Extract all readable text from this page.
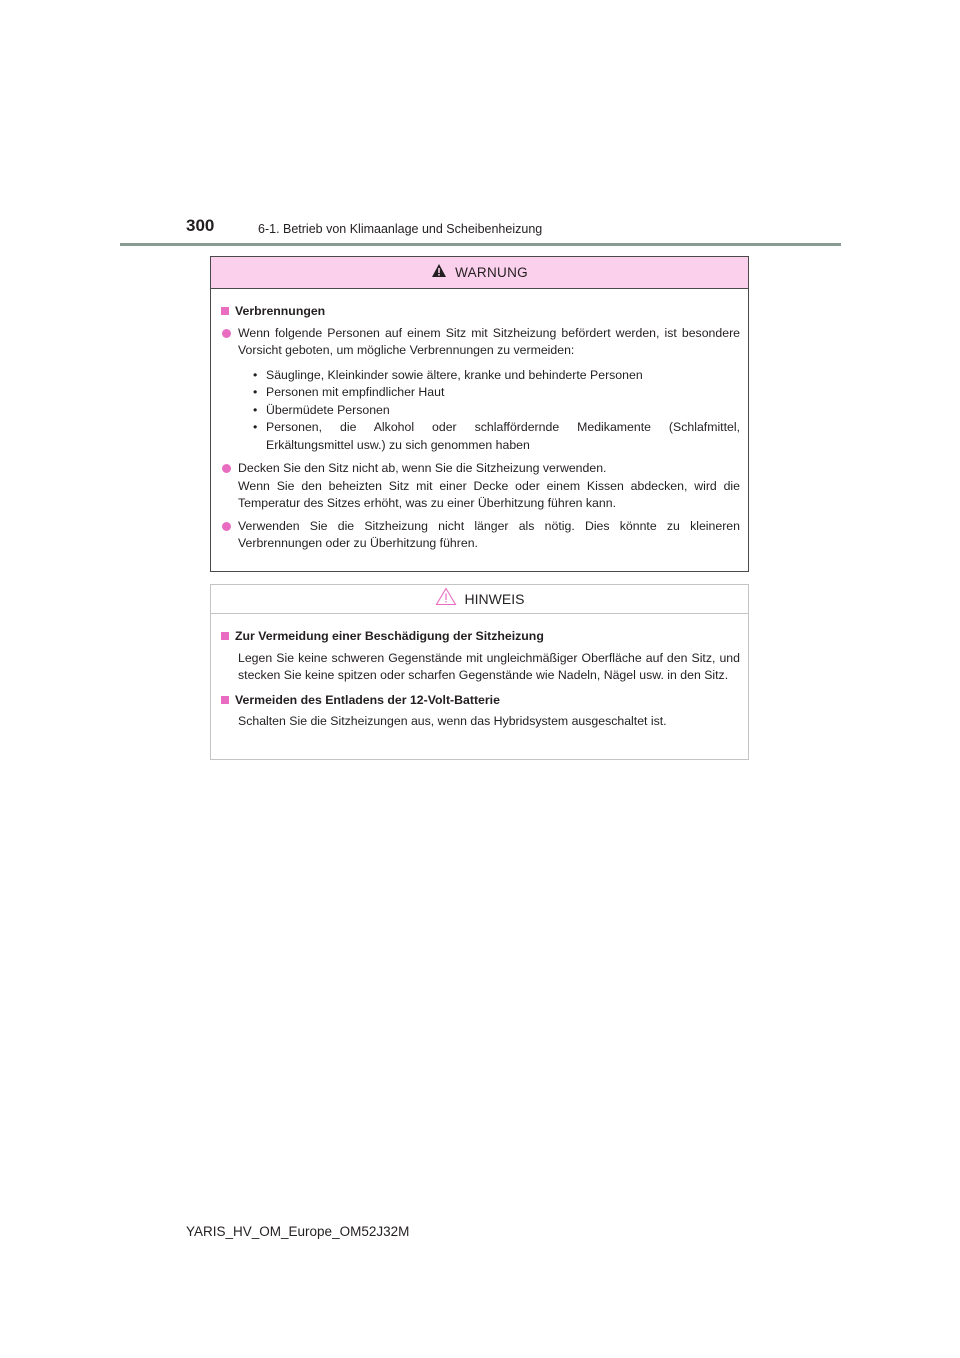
300	6-1. Betrieb von Klimaanlage und Scheibenheizung
WARNUNG
Verbrennungen
Wenn folgende Personen auf einem Sitz mit Sitzheizung befördert werden, ist besondere Vorsicht geboten, um mögliche Verbrennungen zu vermeiden:
• Säuglinge, Kleinkinder sowie ältere, kranke und behinderte Personen
• Personen mit empfindlicher Haut
• Übermüdete Personen
• Personen, die Alkohol oder schlaffördernde Medikamente (Schlafmittel, Erkältungsmittel usw.) zu sich genommen haben
Decken Sie den Sitz nicht ab, wenn Sie die Sitzheizung verwenden.
Wenn Sie den beheizten Sitz mit einer Decke oder einem Kissen abdecken, wird die Temperatur des Sitzes erhöht, was zu einer Überhitzung führen kann.
Verwenden Sie die Sitzheizung nicht länger als nötig. Dies könnte zu kleineren Verbrennungen oder zu Überhitzung führen.
HINWEIS
Zur Vermeidung einer Beschädigung der Sitzheizung
Legen Sie keine schweren Gegenstände mit ungleichmäßiger Oberfläche auf den Sitz, und stecken Sie keine spitzen oder scharfen Gegenstände wie Nadeln, Nägel usw. in den Sitz.
Vermeiden des Entladens der 12-Volt-Batterie
Schalten Sie die Sitzheizungen aus, wenn das Hybridsystem ausgeschaltet ist.
YARIS_HV_OM_Europe_OM52J32M
